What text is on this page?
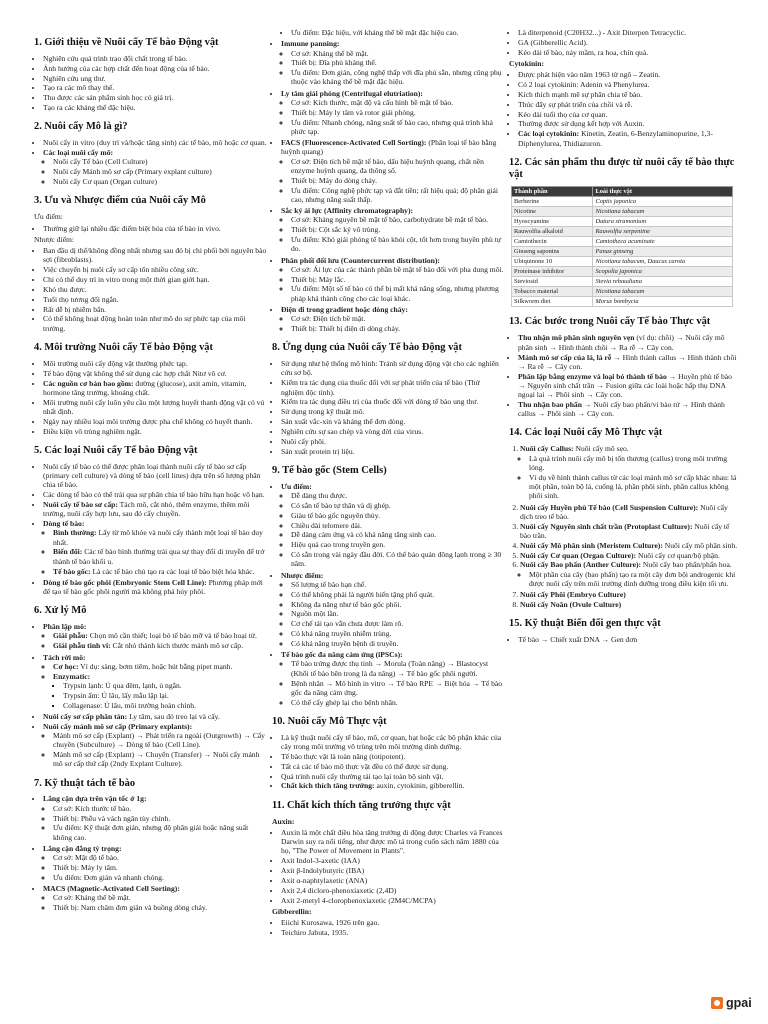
1. Giới thiệu về Nuôi cấy Tế bào Động vật
• Nghiên cứu quá trình trao đổi chất trong tế bào.
• Ảnh hưởng của các hợp chất đến hoạt động của tế bào.
• Nghiên cứu ung thư.
• Tạo ra các mô thay thế.
• Thu được các sản phẩm sinh học có giá trị.
• Tạo ra các kháng thể đặc hiệu.
2. Nuôi cấy Mô là gì?
• Nuôi cấy in vitro (duy trì và/hoặc tăng sinh) các tế bào, mô hoặc cơ quan.
• Các loại nuôi cấy mô:
◦ Nuôi cấy Tế bào (Cell Culture)
◦ Nuôi cấy Mảnh mô sơ cấp (Primary explant culture)
◦ Nuôi cấy Cơ quan (Organ culture)
3. Ưu và Nhược điểm của Nuôi cấy Mô
Ưu điểm:
• Thường giữ lại nhiều đặc điểm biệt hóa của tế bào in vivo.
Nhược điểm:
• Ban đầu dị thể/không đồng nhất nhưng sau đó bị chi phối bởi nguyên bào sợi (fibroblasts).
• Việc chuyển bị nuôi cấy sơ cấp tốn nhiều công sức.
• Chỉ có thể duy trì in vitro trong một thời gian giới hạn.
• Khó thu được.
• Tuổi thọ tương đối ngắn.
• Rất dễ bị nhiễm bẩn.
• Có thể không hoạt động hoàn toàn như mô do sự phức tạp của môi trường.
4. Môi trường Nuôi cấy Tế bào Động vật
• Môi trường nuôi cấy động vật thường phức tạp.
• Tế bào động vật không thể sử dụng các hợp chất Nitơ vô cơ.
• Các nguồn cơ bản bao gồm: đường (glucose), axit amin, vitamin, hormone tăng trưởng, khoáng chất.
• Môi trường nuôi cấy luôn yêu cầu một lượng huyết thanh động vật có vú nhất định.
• Ngày nay nhiều loại môi trường được pha chế không có huyết thanh.
• Điều kiện vô trùng nghiêm ngặt.
5. Các loại Nuôi cấy Tế bào Động vật
• Nuôi cấy tế bào có thể được phân loại thành nuôi cấy tế bào sơ cấp (primary cell culture) và dòng tế bào (cell lines) dựa trên số lượng phân chia tế bào.
• Các dòng tế bào có thể trải qua sự phân chia tế bào hữu hạn hoặc vô hạn.
• Nuôi cấy tế bào sơ cấp: Tách mô, cắt nhỏ, thêm enzyme, thêm môi trường, nuôi cấy hợp lưu, sau đó cấy chuyền.
• Dòng tế bào:
◦ Bình thường: Lấy từ mô khỏe và nuôi cấy thành một loại tế bào duy nhất.
◦ Biến đổi: Các tế bào bình thường trải qua sự thay đổi di truyền để trở thành tế bào khối u.
◦ Tế bào gốc: Là các tế bào chủ tạo ra các loại tế bào biệt hóa khác.
• Dòng tế bào gốc phôi (Embryonic Stem Cell Line): Phương pháp mới để tạo tế bào gốc phôi người mà không phá hủy phôi.
6. Xử lý Mô
• Phân lập mô:
◦ Giải phẫu: Chọn mô cần thiết; loại bỏ tế bào mỡ và tế bào hoại tử.
◦ Giải phẫu tinh vi: Cắt nhỏ thành kích thước mảnh mô sơ cấp.
• Tách rời mô:
◦ Cơ học: Ví dụ: sàng, bơm tiêm, hoặc hút bằng pipet mạnh.
◦ Enzymatic:
▪ Trypsin lạnh: Ủ qua đêm, lạnh, ủ ngắn.
▪ Trypsin ấm: Ủ lâu, lấy mẫu lặp lại.
▪ Collagenase: Ủ lâu, môi trường hoàn chỉnh.
• Nuôi cấy sơ cấp phân tán: Ly tâm, sau đó treo lại và cấy.
• Nuôi cấy mảnh mô sơ cấp (Primary explants):
◦ Mảnh mô sơ cấp (Explant) → Phát triển ra ngoài (Outgrowth) → Cấy chuyền (Subculture) → Dòng tế bào (Cell Line).
◦ Mảnh mô sơ cấp (Explant) → Chuyển (Transfer) → Nuôi cấy mảnh mô sơ cấp thứ cấp (2ndy Explant Culture).
7. Kỹ thuật tách tế bào
• Lắng cặn dựa trên vận tốc ở 1g:
◦ Cơ sở: Kích thước tế bào.
◦ Thiết bị: Phễu và vách ngăn tùy chỉnh.
◦ Ưu điểm: Kỹ thuật đơn giản, nhưng độ phân giải hoặc năng suất không cao.
• Lắng cặn đẳng tỷ trọng:
◦ Cơ sở: Mật độ tế bào.
◦ Thiết bị: Máy ly tâm.
◦ Ưu điểm: Đơn giản và nhanh chóng.
• MACS (Magnetic-Activated Cell Sorting):
◦ Cơ sở: Kháng thể bề mặt.
◦ Thiết bị: Nam châm đơn giản và buồng dòng chảy.
• Ưu điểm: Đặc hiệu, với kháng thể bề mặt đặc hiệu cao.
• Immune panning:
◦ Cơ sở: Kháng thể bề mặt.
◦ Thiết bị: Đĩa phủ kháng thể.
◦ Ưu điểm: Đơn giản, công nghệ thấp với đĩa phủ sẵn, nhưng cũng phụ thuộc vào kháng thể bề mặt đặc hiệu.
• Ly tâm giải phóng (Centrifugal elutriation):
◦ Cơ sở: Kích thước, mật độ và cấu hình bề mặt tế bào.
◦ Thiết bị: Máy ly tâm và rotor giải phóng.
◦ Ưu điểm: Nhanh chóng, năng suất tế bào cao, nhưng quá trình khá phức tạp.
• FACS (Fluorescence-Activated Cell Sorting): (Phân loại tế bào bằng huỳnh quang)
◦ Cơ sở: Điện tích bề mặt tế bào, dấu hiệu huỳnh quang, chất nền enzyme huỳnh quang, đa thông số.
◦ Thiết bị: Máy đo dòng chảy.
◦ Ưu điểm: Công nghệ phức tạp và đắt tiền; rất hiệu quả; độ phân giải cao, nhưng năng suất thấp.
• Sắc ký ái lực (Affinity chromatography):
◦ Cơ sở: Kháng nguyên bề mặt tế bào, carbohydrate bề mặt tế bào.
◦ Thiết bị: Cột sắc ký vô trùng.
◦ Ưu điểm: Khó giải phóng tế bào khỏi cột, tốt hơn trong huyền phù tự do.
• Phân phối đối lưu (Countercurrent distribution):
◦ Cơ sở: Ái lực của các thành phần bề mặt tế bào đối với pha dung môi.
◦ Thiết bị: Máy lắc.
◦ Ưu điểm: Một số tế bào có thể bị mất khả năng sống, nhưng phương pháp khá thành công cho các loại khác.
• Điện di trong gradient hoặc dòng chảy:
◦ Cơ sở: Điện tích bề mặt.
◦ Thiết bị: Thiết bị điện di dòng chảy.
8. Ứng dụng của Nuôi cấy Tế bào Động vật
• Sử dụng như hệ thống mô hình: Tránh sử dụng động vật cho các nghiên cứu sơ bộ.
• Kiểm tra tác dụng của thuốc đối với sự phát triển của tế bào (Thử nghiệm độc tính).
• Kiểm tra tác dụng điều trị của thuốc đối với dòng tế bào ung thư.
• Sử dụng trong kỹ thuật mô.
• Sản xuất vắc-xin và kháng thể đơn dòng.
• Nghiên cứu sự sao chép và vòng đời của virus.
• Nuôi cấy phôi.
• Sản xuất protein trị liệu.
9. Tế bào gốc (Stem Cells)
• Ưu điểm:
◦ Dễ dàng thu được.
◦ Có sẵn tế bào tự thân và dị ghép.
◦ Giàu tế bào gốc nguyên thủy.
◦ Chiều dài telomere dài.
◦ Dễ dàng cảm ứng và có khả năng tăng sinh cao.
◦ Hiệu quả cao trong truyền gen.
◦ Có sẵn trong vài ngày đầu đời. Có thể bảo quản đông lạnh trong ≥ 30 năm.
• Nhược điểm:
◦ Số lượng tế bào hạn chế.
◦ Có thể không phải là người hiến tặng phổ quát.
◦ Không đa năng như tế bào gốc phôi.
◦ Nguồn một lần.
◦ Cơ chế tái tạo vẫn chưa được làm rõ.
◦ Có khả năng truyền nhiễm trùng.
◦ Có khả năng truyền bệnh di truyền.
• Tế bào gốc đa năng cảm ứng (iPSCs):
◦ Tế bào trứng được thụ tinh → Morula (Toàn năng) → Blastocyst (Khối tế bào bên trong là đa năng) → Tế bào gốc phôi người.
◦ Bệnh nhân → Mô hình in vitro → Tế bào RPE → Biệt hóa → Tế bào gốc đa năng cảm ứng.
◦ Có thể cấy ghép lại cho bệnh nhân.
10. Nuôi cấy Mô Thực vật
• Là kỹ thuật nuôi cấy tế bào, mô, cơ quan, hạt hoặc các bộ phận khác của cây trong môi trường vô trùng trên môi trường dinh dưỡng.
• Tế bào thực vật là toàn năng (totipotent).
• Tất cả các tế bào mô thực vật đều có thể được sử dụng.
• Quá trình nuôi cấy thường tái tạo lại toàn bộ sinh vật.
• Chất kích thích tăng trưởng: auxin, cytokinin, gibberellin.
11. Chất kích thích tăng trưởng thực vật
Auxin:
• Auxin là một chất điều hòa tăng trưởng di động được Charles và Frances Darwin suy ra nổi tiếng, như được mô tả trong cuốn sách năm 1880 của họ, "The Power of Movement in Plants".
• Axit Indol-3-axetic (IAA)
• Axit β-Indolybutyric (IBA)
• Axit α-naphtylaxetic (ANA)
• Axit 2,4 dicloro-phenoxiaxetic (2,4D)
• Axit 2-metyl 4-clorophenoxiaxetic (2M4C/MCPA)
Gibberellin:
• Eiichi Kurosawa, 1926 trên gạo.
• Teichiro Jabuta, 1935.
• Là diterpenoid (C20H32...) - Axit Diterpen Tetracyclic.
• GA (Gibberellic Acid).
• Kéo dài tế bào, nảy mầm, ra hoa, chín quả.
Cytokinin:
• Được phát hiện vào năm 1963 từ ngô – Zeatin.
• Có 2 loại cytokinin: Adenin và Phenylurea.
• Kích thích mạnh mẽ sự phân chia tế bào.
• Thúc đẩy sự phát triển của chồi và rễ.
• Kéo dài tuổi thọ của cơ quan.
• Thường được sử dụng kết hợp với Auxin.
• Các loại cytokinin: Kinetin, Zeatin, 6-Benzylaminopurine, 1,3-Diphenylurea, Thidiazuron.
12. Các sản phẩm thu được từ nuôi cấy tế bào thực vật
Thành phần	Loài thực vật
Berberine	Coptis japonica
Nicotine	Nicotiana tabacum
Hyoscyamine	Datura stramonium
Rauwolfia alkaloid	Rauwolfia serpentine
Camtothecin	Camtotheca acuminate
Ginseng saponins	Panax ginseng
Ubiquinone 10	Nicotiana tabacum, Daucus carota
Proteinase inhibitor	Scopolia japonica
Steviosid	Stevia rebaudiana
Tobacco material	Nicotiana tabacum
Silkworm diet	Morus bombycia
13. Các bước trong Nuôi cấy Tế bào Thực vật
• Thu nhận mô phân sinh nguyên vẹn (ví dụ: chồi) → Nuôi cấy mô phân sinh → Hình thành chồi → Ra rễ → Cây con.
• Mảnh mô sơ cấp của lá, lá rễ → Hình thành callus → Hình thành chồi → Ra rễ → Cây con.
• Phân lập bằng enzyme và loại bỏ thành tế bào → Huyền phù tế bào → Nguyên sinh chất trần → Fusion giữa các loài hoặc hấp thụ DNA ngoại lai → Phôi sinh → Cây con.
• Thu nhận bao phấn → Nuôi cấy bao phấn/vi bào tử → Hình thành callus → Phôi sinh → Cây con.
14. Các loại Nuôi cấy Mô Thực vật
1. Nuôi cấy Callus: Nuôi cấy mô sẹo.
◦ Là quá trình nuôi cấy mô bị tổn thương (callus) trong môi trường lỏng.
◦ Ví dụ về hình thành callus từ các loại mảnh mô sơ cấp khác nhau: lá một phần, toàn bộ lá, cuống lá, phần phôi sinh, phần callus không phôi sinh.
2. Nuôi cấy Huyền phù Tế bào (Cell Suspension Culture): Nuôi cấy dịch treo tế bào.
3. Nuôi cấy Nguyên sinh chất trần (Protoplast Culture): Nuôi cấy tế bào trần.
4. Nuôi cấy Mô phân sinh (Meristem Culture): Nuôi cấy mô phân sinh.
5. Nuôi cấy Cơ quan (Organ Culture): Nuôi cấy cơ quan/bộ phận.
6. Nuôi cấy Bao phấn (Anther Culture): Nuôi cấy bao phấn/phấn hoa.
◦ Một phần của cây (bao phấn) tạo ra một cây đơn bội androgenic khi được nuôi cấy trên môi trường dinh dưỡng trong điều kiện tối ưu.
7. Nuôi cấy Phôi (Embryo Culture)
8. Nuôi cấy Noãn (Ovule Culture)
15. Kỹ thuật Biến đổi gen thực vật
• Tế bào → Chiết xuất DNA → Gen đơn
gpai
